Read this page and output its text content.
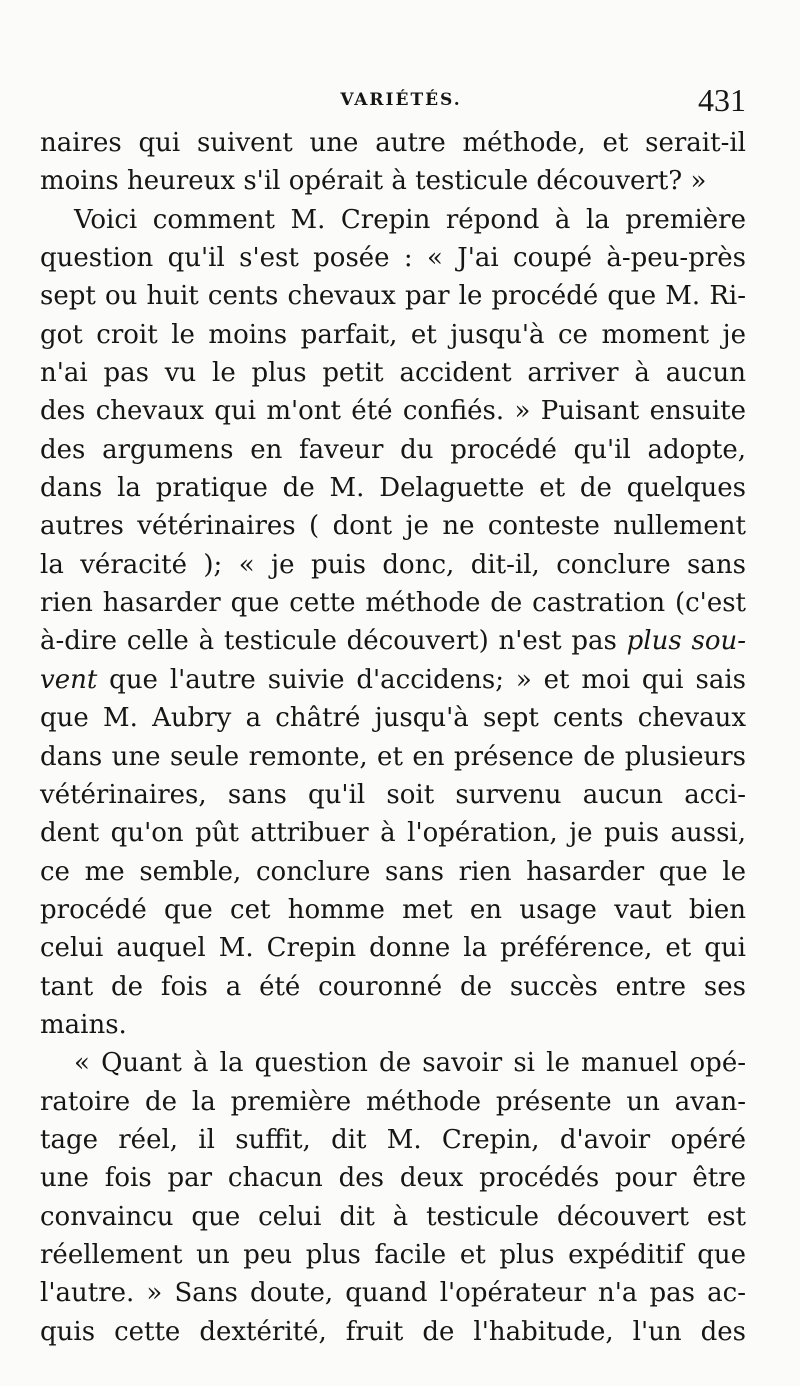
VARIÉTÉS.	431
naires qui suivent une autre méthode, et serait-il
moins heureux s'il opérait à testicule découvert? »
Voici comment M. Crepin répond à la première
question qu'il s'est posée : « J'ai coupé à-peu-près
sept ou huit cents chevaux par le procédé que M. Ri-
got croit le moins parfait, et jusqu'à ce moment je
n'ai pas vu le plus petit accident arriver à aucun
des chevaux qui m'ont été confiés. » Puisant ensuite
des argumens en faveur du procédé qu'il adopte,
dans la pratique de M. Delaguette et de quelques
autres vétérinaires ( dont je ne conteste nullement
la véracité ); « je puis donc, dit-il, conclure sans
rien hasarder que cette méthode de castration (c'est
à-dire celle à testicule découvert) n'est pas plus sou-
vent que l'autre suivie d'accidens; » et moi qui sais
que M. Aubry a châtré jusqu'à sept cents chevaux
dans une seule remonte, et en présence de plusieurs
vétérinaires, sans qu'il soit survenu aucun acci-
dent qu'on pût attribuer à l'opération, je puis aussi,
ce me semble, conclure sans rien hasarder que le
procédé que cet homme met en usage vaut bien
celui auquel M. Crepin donne la préférence, et qui
tant de fois a été couronné de succès entre ses
mains.
« Quant à la question de savoir si le manuel opé-
ratoire de la première méthode présente un avan-
tage réel, il suffit, dit M. Crepin, d'avoir opéré
une fois par chacun des deux procédés pour être
convaincu que celui dit à testicule découvert est
réellement un peu plus facile et plus expéditif que
l'autre. » Sans doute, quand l'opérateur n'a pas ac-
quis cette dextérité, fruit de l'habitude, l'un des
